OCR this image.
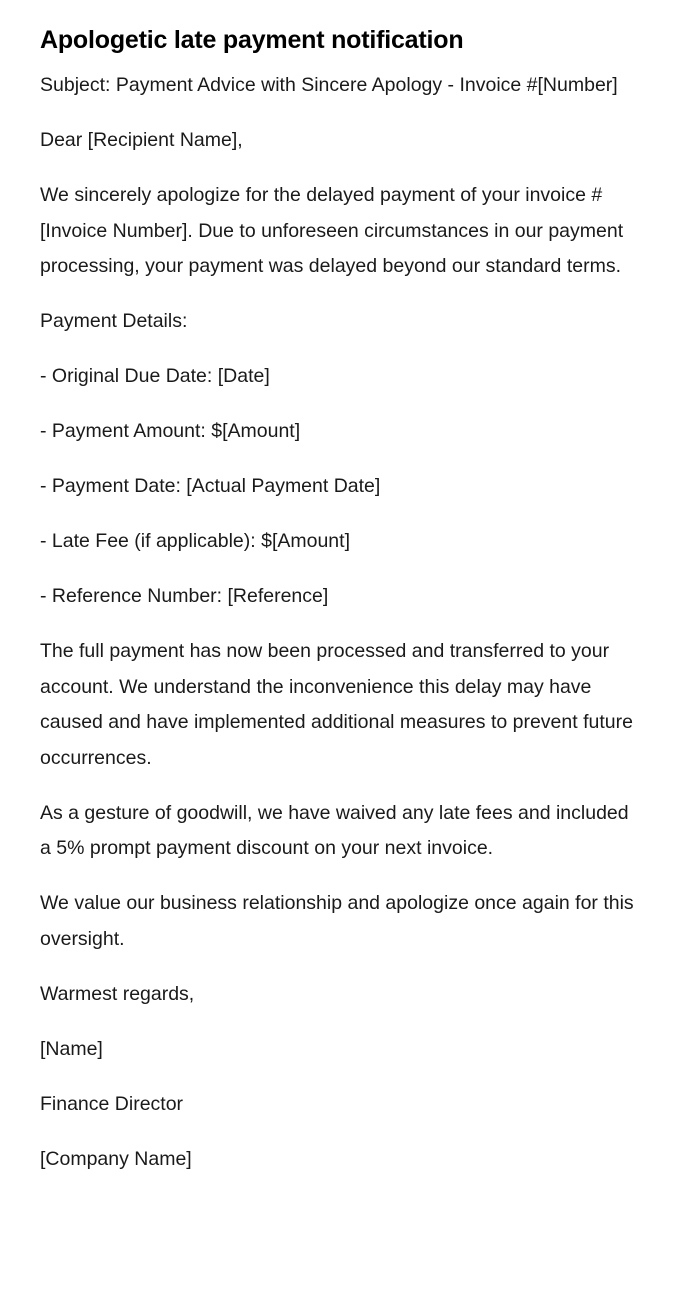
Apologetic late payment notification

Subject: Payment Advice with Sincere Apology - Invoice #[Number]

Dear [Recipient Name],

We sincerely apologize for the delayed payment of your invoice #[Invoice Number]. Due to unforeseen circumstances in our payment processing, your payment was delayed beyond our standard terms.

Payment Details:

- Original Due Date: [Date]

- Payment Amount: $[Amount]

- Payment Date: [Actual Payment Date]

- Late Fee (if applicable): $[Amount]

- Reference Number: [Reference]

The full payment has now been processed and transferred to your account. We understand the inconvenience this delay may have caused and have implemented additional measures to prevent future occurrences.

As a gesture of goodwill, we have waived any late fees and included a 5% prompt payment discount on your next invoice.

We value our business relationship and apologize once again for this oversight.

Warmest regards,

[Name]

Finance Director

[Company Name]
